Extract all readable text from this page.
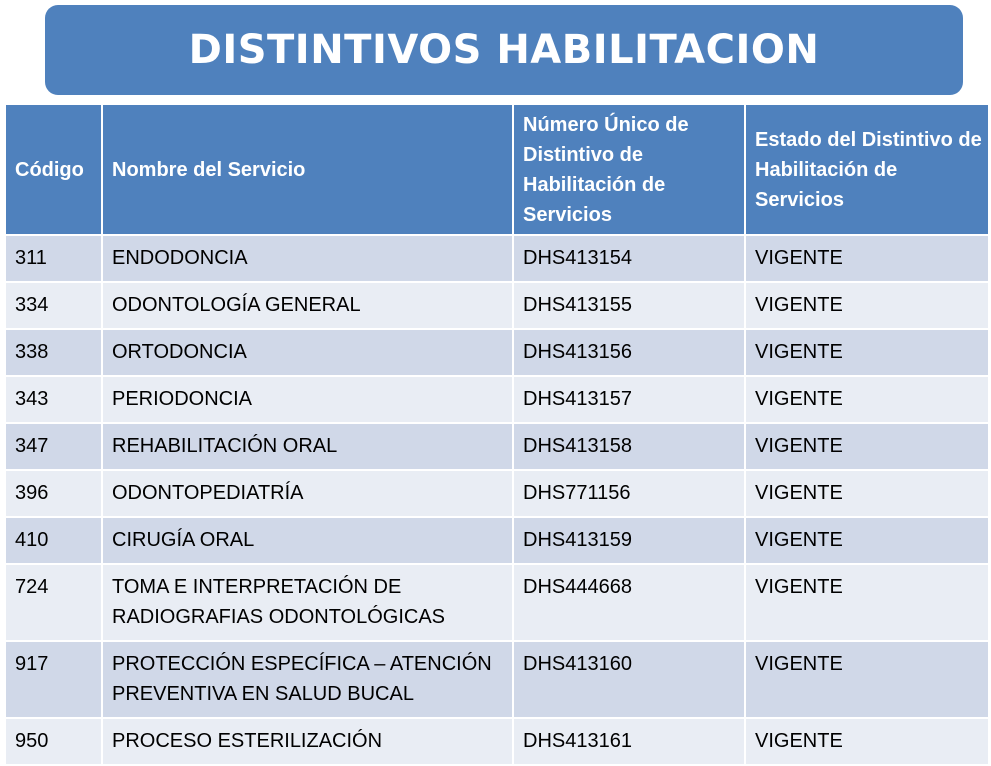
DISTINTIVOS HABILITACION
Código	Nombre del Servicio	Número Único de Distintivo de Habilitación de Servicios	Estado del Distintivo de Habilitación de Servicios
311	ENDODONCIA	DHS413154	VIGENTE
334	ODONTOLOGÍA GENERAL	DHS413155	VIGENTE
338	ORTODONCIA	DHS413156	VIGENTE
343	PERIODONCIA	DHS413157	VIGENTE
347	REHABILITACIÓN ORAL	DHS413158	VIGENTE
396	ODONTOPEDIATRÍA	DHS771156	VIGENTE
410	CIRUGÍA ORAL	DHS413159	VIGENTE
724	TOMA E INTERPRETACIÓN DE RADIOGRAFIAS ODONTOLÓGICAS	DHS444668	VIGENTE
917	PROTECCIÓN ESPECÍFICA – ATENCIÓN PREVENTIVA EN SALUD BUCAL	DHS413160	VIGENTE
950	PROCESO ESTERILIZACIÓN	DHS413161	VIGENTE
